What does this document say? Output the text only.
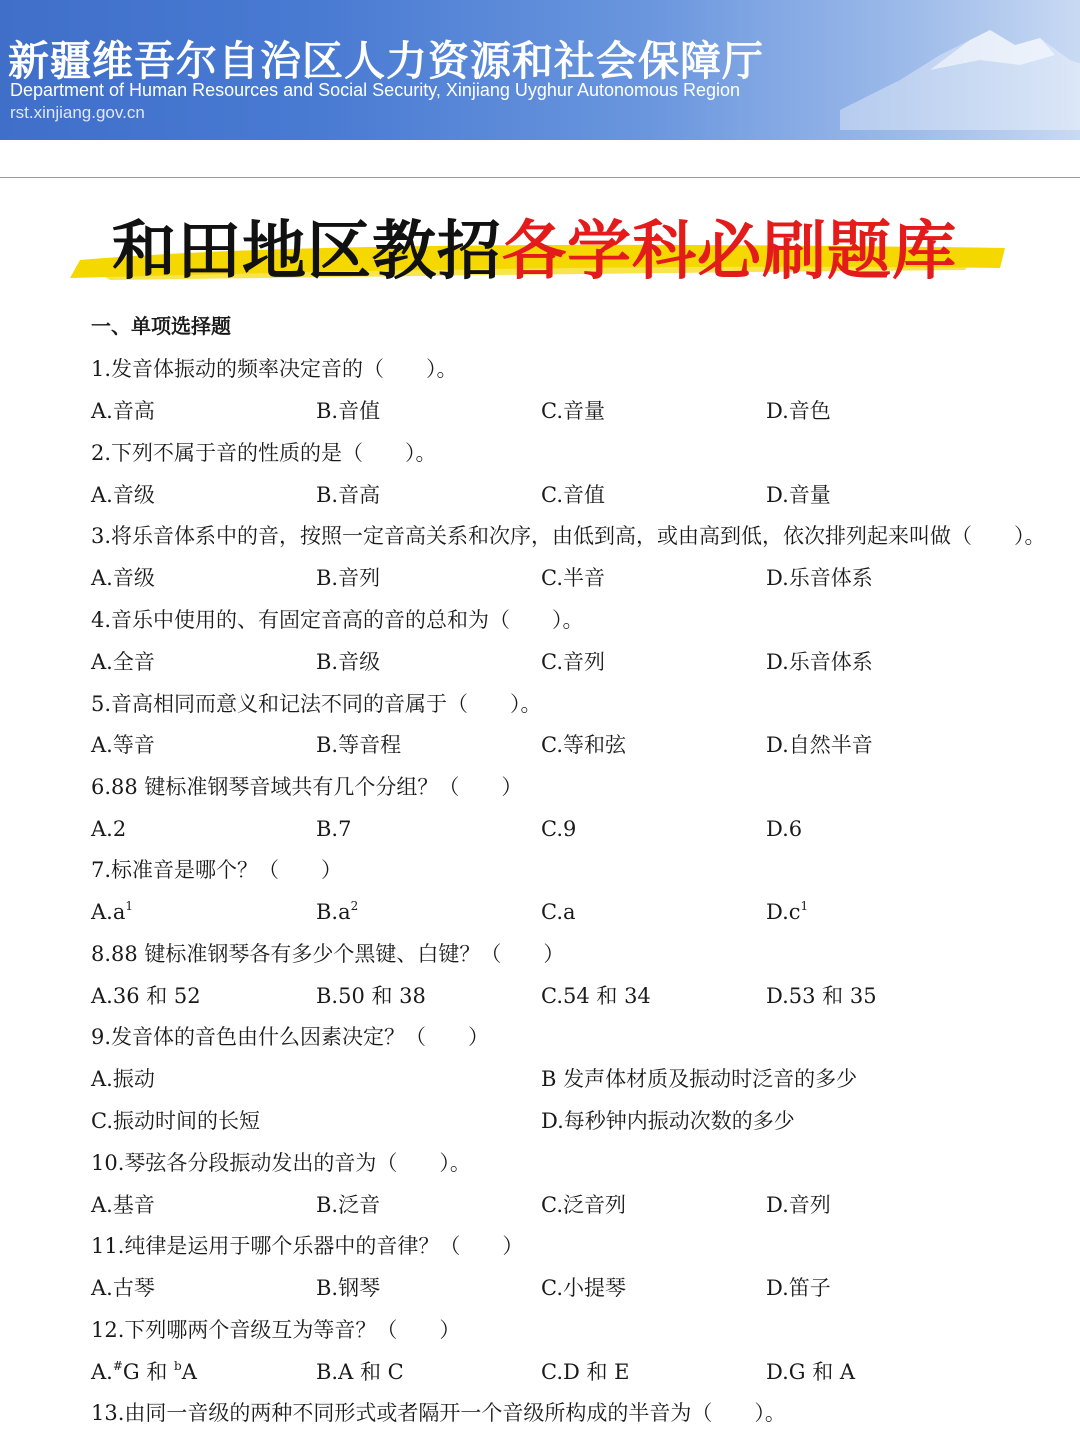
新疆维吾尔自治区人力资源和社会保障厅
Department of Human Resources and Social Security, Xinjiang Uyghur Autonomous Region
rst.xinjiang.gov.cn
和田地区教招各学科必刷题库
一、单项选择题
1.发音体振动的频率决定音的（　　）。
A.音高	B.音值	C.音量	D.音色
2.下列不属于音的性质的是（　　）。
A.音级	B.音高	C.音值	D.音量
3.将乐音体系中的音，按照一定音高关系和次序，由低到高，或由高到低，依次排列起来叫做（　　）。
A.音级	B.音列	C.半音	D.乐音体系
4.音乐中使用的、有固定音高的音的总和为（　　）。
A.全音	B.音级	C.音列	D.乐音体系
5.音高相同而意义和记法不同的音属于（　　）。
A.等音	B.等音程	C.等和弦	D.自然半音
6.88 键标准钢琴音域共有几个分组？（　　）
A.2	B.7	C.9	D.6
7.标准音是哪个？（　　）
$A.a^1$	$B.a^2$	C.a	$D.c^1$
8.88 键标准钢琴各有多少个黑键、白键？（　　）
A.36 和 52	B.50 和 38	C.54 和 34	D.53 和 35
9.发音体的音色由什么因素决定？（　　）
A.振动	B 发声体材质及振动时泛音的多少
C.振动时间的长短	D.每秒钟内振动次数的多少
10.琴弦各分段振动发出的音为（　　）。
A.基音	B.泛音	C.泛音列	D.音列
11.纯律是运用于哪个乐器中的音律？（　　）
A.古琴	B.钢琴	C.小提琴	D.笛子
12.下列哪两个音级互为等音？（　　）
A.#G 和 $^b$A	B.A 和 C	C.D 和 E	D.G 和 A
13.由同一音级的两种不同形式或者隔开一个音级所构成的半音为（　　）。
